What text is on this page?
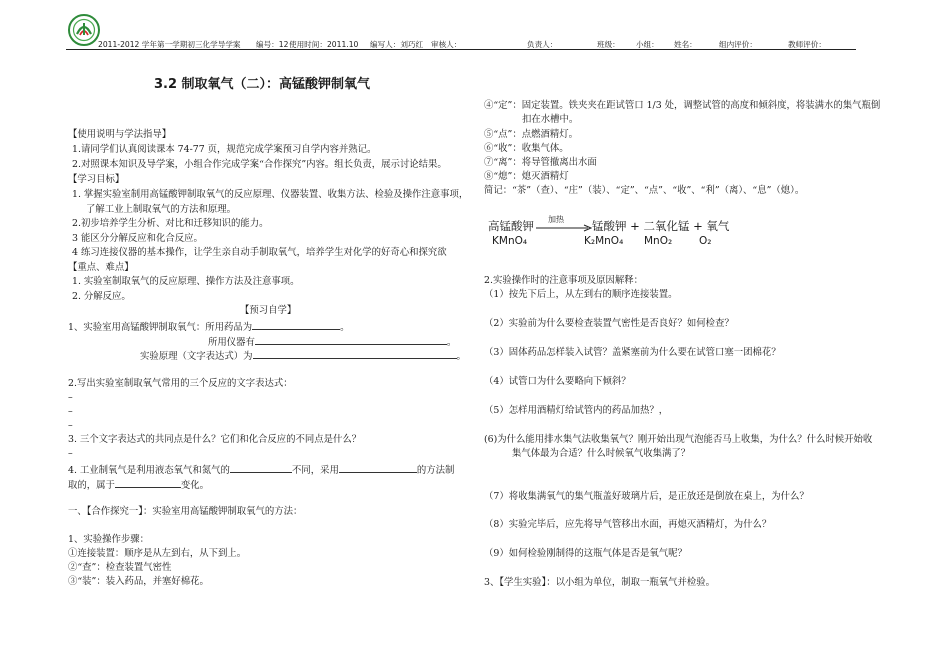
2011-2012 学年第一学期初三化学导学案 编号：12 使用时间：2011.10 编写人：刘巧红 审核人：	负责人：	班级： 小组： 姓名：	组内评价：	教师评价：
3.2 制取氧气（二）：高锰酸钾制氧气
【使用说明与学法指导】
1.请同学们认真阅读课本 74-77 页，规范完成学案预习自学内容并熟记。
2.对照课本知识及导学案，小组合作完成学案“合作探究”内容。组长负责，展示讨论结果。
【学习目标】
1. 掌握实验室制用高锰酸钾制取氧气的反应原理、仪器装置、收集方法、检验及操作注意事项，
了解工业上制取氧气的方法和原理。
2.初步培养学生分析、对比和迁移知识的能力。
3 能区分分解反应和化合反应。
4 练习连接仪器的基本操作，让学生亲自动手制取氧气，培养学生对化学的好奇心和探究欲
【重点、难点】
1. 实验室制取氧气的反应原理、操作方法及注意事项。
2. 分解反应。
【预习自学】
1、实验室用高锰酸钾制取氧气：所用药品为	。
所用仪器有	。
实验原理（文字表达式）为	。
2.写出实验室制取氧气常用的三个反应的文字表达式：
–
–
–
3. 三个文字表达式的共同点是什么？它们和化合反应的不同点是什么？
–
4. 工业制氧气是利用液态氧气和氮气的	不同，采用	的方法制
取的，属于	变化。
一、【合作探究一】：实验室用高锰酸钾制取氧气的方法：
1、实验操作步骤：
①连接装置：顺序是从左到右，从下到上。
②“查”：检查装置气密性
③“装”：装入药品，并塞好棉花。
④“定”：固定装置。铁夹夹在距试管口 1/3 处，调整试管的高度和倾斜度，将装满水的集气瓶倒
扣在水槽中。
⑤“点”：点燃酒精灯。
⑥“收”：收集气体。
⑦“离”：将导管撤离出水面
⑧“熄”：熄灭酒精灯
简记：“茶”（查）、“庄”（装）、“定”、“点”、“收”、“利”（离）、“息”（熄）。
高锰酸钾 加热 锰酸钾 + 二氧化锰 + 氧气
KMnO₄	K₂MnO₄ MnO₂	O₂
2.实验操作时的注意事项及原因解释：
（1）按先下后上，从左到右的顺序连接装置。
（2）实验前为什么要检查装置气密性是否良好？如何检查？
（3）固体药品怎样装入试管？盖紧塞前为什么要在试管口塞一团棉花？
（4）试管口为什么要略向下倾斜？
（5）怎样用酒精灯给试管内的药品加热？，
(6)为什么能用排水集气法收集氧气？刚开始出现气泡能否马上收集，为什么？什么时候开始收
集气体最为合适？什么时候氧气收集满了？
（7）将收集满氧气的集气瓶盖好玻璃片后，是正放还是倒放在桌上，为什么？
（8）实验完毕后，应先将导气管移出水面，再熄灭酒精灯，为什么？
（9）如何检验刚制得的这瓶气体是否是氧气呢？
3、【学生实验】：以小组为单位，制取一瓶氧气并检验。
